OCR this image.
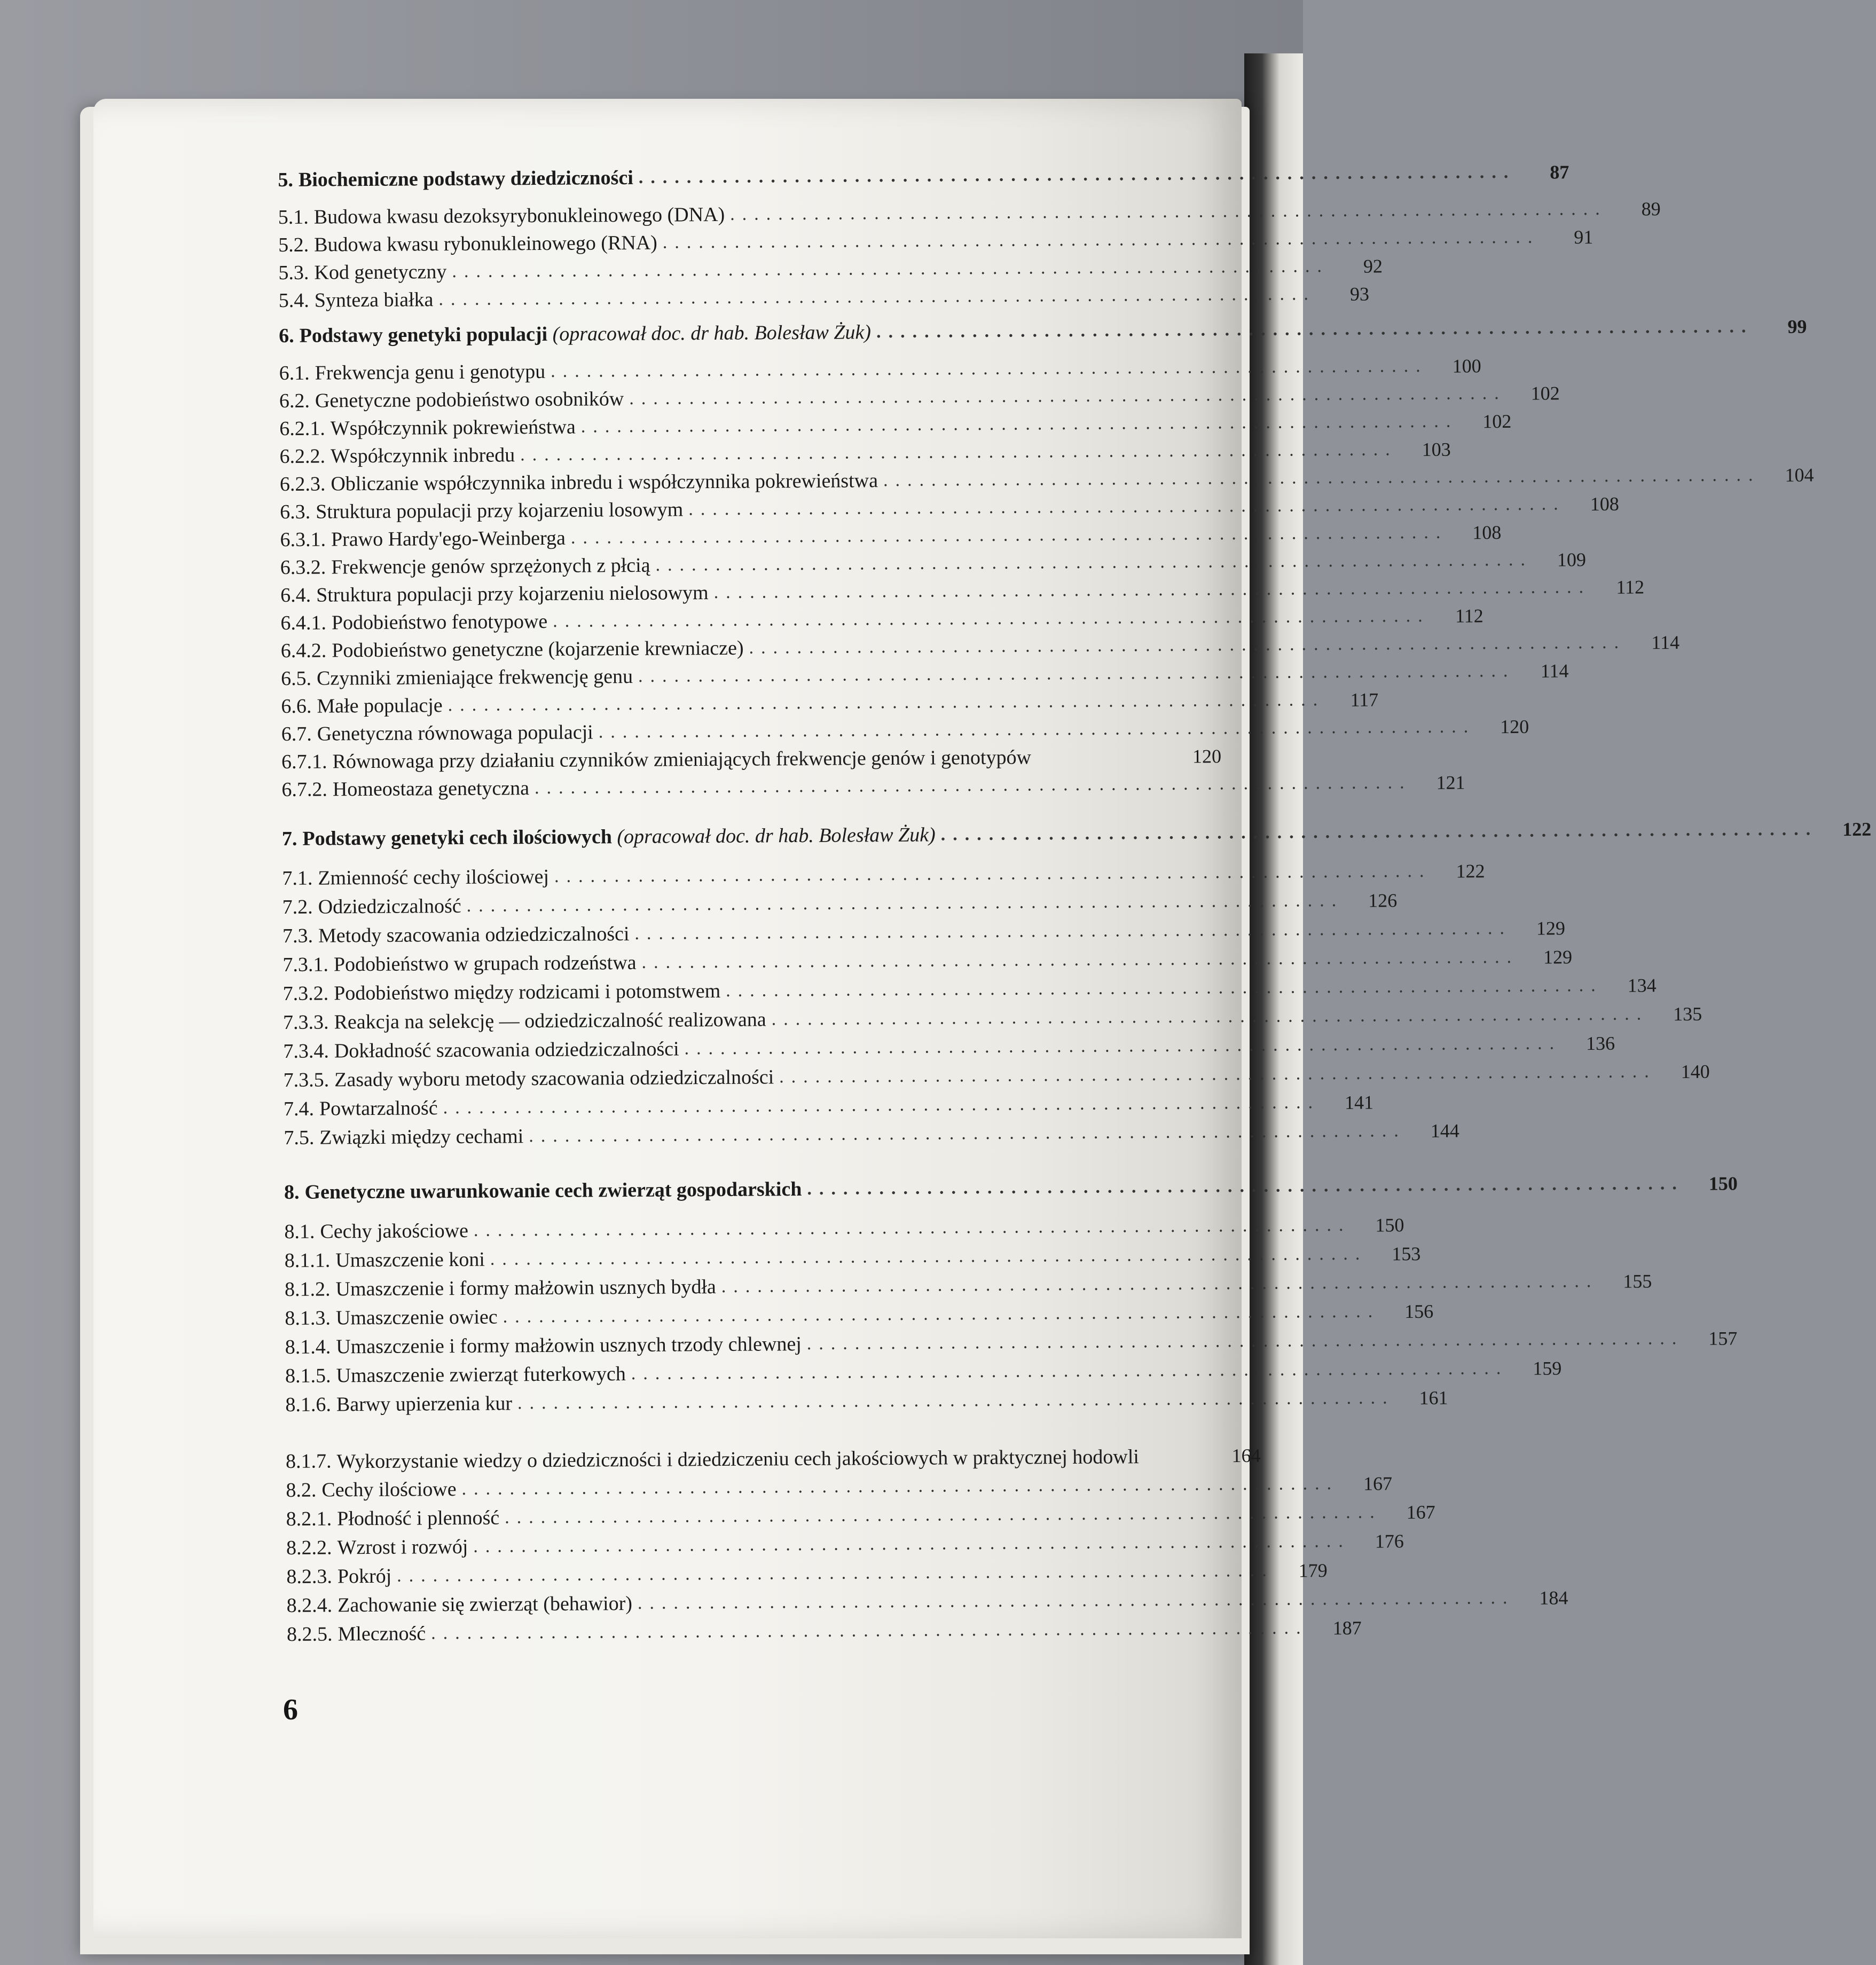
5. Biochemiczne podstawy dziedziczności .........................................................................	87
5.1. Budowa kwasu dezoksyrybonukleinowego (DNA) .........................................................................	89
5.2. Budowa kwasu rybonukleinowego (RNA) .........................................................................	91
5.3. Kod genetyczny .........................................................................	92
5.4. Synteza białka .........................................................................	93
6. Podstawy genetyki populacji (opracował doc. dr hab. Bolesław Żuk) .........................................................................	99
6.1. Frekwencja genu i genotypu .........................................................................	100
6.2. Genetyczne podobieństwo osobników .........................................................................	102
6.2.1. Współczynnik pokrewieństwa .........................................................................	102
6.2.2. Współczynnik inbredu .........................................................................	103
6.2.3. Obliczanie współczynnika inbredu i współczynnika pokrewieństwa .........................................................................	104
6.3. Struktura populacji przy kojarzeniu losowym .........................................................................	108
6.3.1. Prawo Hardy'ego-Weinberga .........................................................................	108
6.3.2. Frekwencje genów sprzężonych z płcią .........................................................................	109
6.4. Struktura populacji przy kojarzeniu nielosowym .........................................................................	112
6.4.1. Podobieństwo fenotypowe .........................................................................	112
6.4.2. Podobieństwo genetyczne (kojarzenie krewniacze) .........................................................................	114
6.5. Czynniki zmieniające frekwencję genu .........................................................................	114
6.6. Małe populacje .........................................................................	117
6.7. Genetyczna równowaga populacji .........................................................................	120
6.7.1. Równowaga przy działaniu czynników zmieniających frekwencje genów i genotypów	120
6.7.2. Homeostaza genetyczna .........................................................................	121
7. Podstawy genetyki cech ilościowych (opracował doc. dr hab. Bolesław Żuk) .........................................................................	122
7.1. Zmienność cechy ilościowej .........................................................................	122
7.2. Odziedziczalność .........................................................................	126
7.3. Metody szacowania odziedziczalności .........................................................................	129
7.3.1. Podobieństwo w grupach rodzeństwa .........................................................................	129
7.3.2. Podobieństwo między rodzicami i potomstwem .........................................................................	134
7.3.3. Reakcja na selekcję — odziedziczalność realizowana .........................................................................	135
7.3.4. Dokładność szacowania odziedziczalności .........................................................................	136
7.3.5. Zasady wyboru metody szacowania odziedziczalności .........................................................................	140
7.4. Powtarzalność .........................................................................	141
7.5. Związki między cechami .........................................................................	144
8. Genetyczne uwarunkowanie cech zwierząt gospodarskich .........................................................................	150
8.1. Cechy jakościowe .........................................................................	150
8.1.1. Umaszczenie koni .........................................................................	153
8.1.2. Umaszczenie i formy małżowin usznych bydła .........................................................................	155
8.1.3. Umaszczenie owiec .........................................................................	156
8.1.4. Umaszczenie i formy małżowin usznych trzody chlewnej .........................................................................	157
8.1.5. Umaszczenie zwierząt futerkowych .........................................................................	159
8.1.6. Barwy upierzenia kur .........................................................................	161
8.1.7. Wykorzystanie wiedzy o dziedziczności i dziedziczeniu cech jakościowych w praktycznej hodowli	164
8.2. Cechy ilościowe .........................................................................	167
8.2.1. Płodność i plenność .........................................................................	167
8.2.2. Wzrost i rozwój .........................................................................	176
8.2.3. Pokrój .........................................................................	179
8.2.4. Zachowanie się zwierząt (behawior) .........................................................................	184
8.2.5. Mleczność .........................................................................	187
6
